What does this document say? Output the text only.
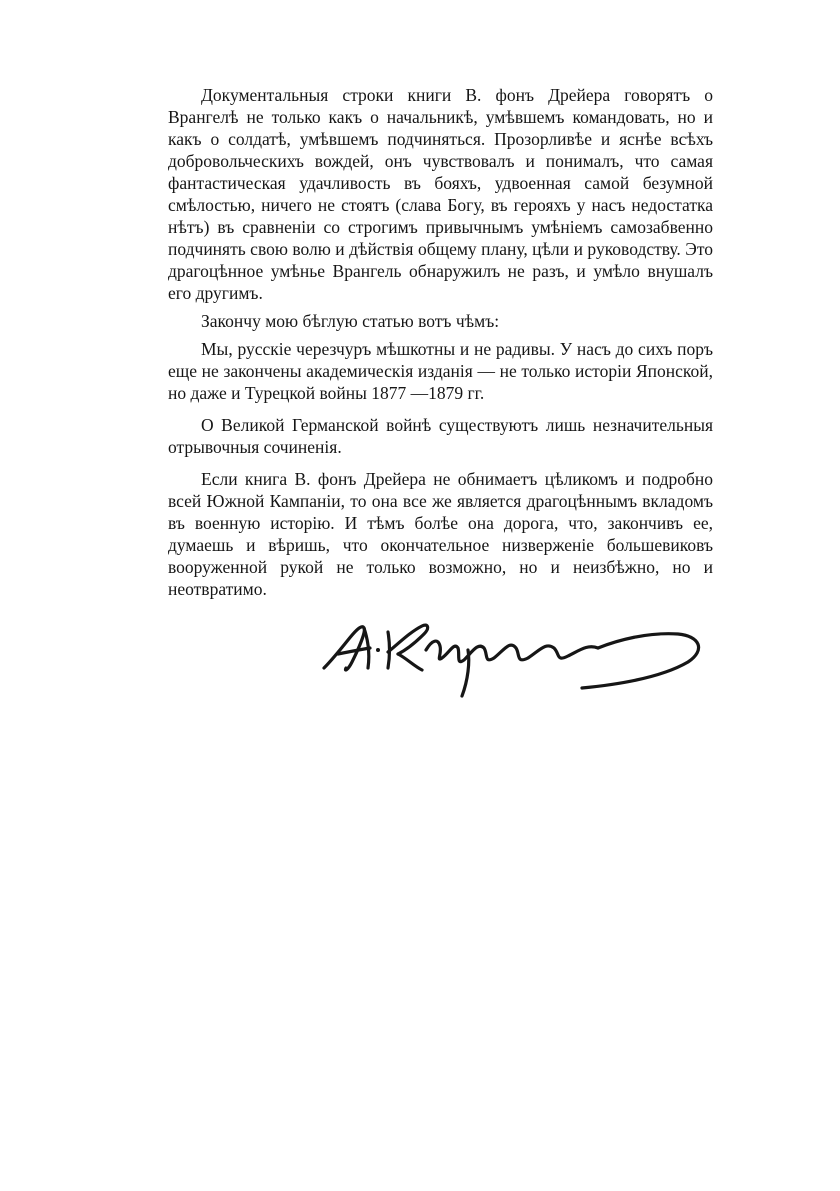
Документальныя строки книги В. фонъ Дрейера говорятъ о Врангелѣ не только какъ о начальникѣ, умѣвшемъ командовать, но и какъ о солдатѣ, умѣвшемъ подчиняться. Прозорливѣе и яснѣе всѣхъ добровольческихъ вождей, онъ чувствовалъ и понималъ, что самая фантастическая удачливость въ бояхъ, удвоенная самой безумной смѣлостью, ничего не стоятъ (слава Богу, въ герояхъ у насъ недостатка нѣтъ) въ сравненiи со строгимъ привычнымъ умѣнiемъ самозабвенно подчинять свою волю и дѣйствiя общему плану, цѣли и руководству. Это драгоцѣнное умѣнье Врангель обнаружилъ не разъ, и умѣло внушалъ его другимъ.

Закончу мою бѣглую статью вотъ чѣмъ:

Мы, русскiе черезчуръ мѣшкотны и не радивы. У насъ до сихъ поръ еще не закончены академическiя изданiя — не только исторiи Японской, но даже и Турецкой войны 1877 —1879 гг.

О Великой Германской войнѣ существуютъ лишь незначительныя отрывочныя сочиненiя.

Если книга В. фонъ Дрейера не обнимаетъ цѣликомъ и подробно всей Южной Кампанiи, то она все же является драгоцѣннымъ вкладомъ въ военную исторiю. И тѣмъ болѣе она дорога, что, закончивъ ее, думаешь и вѣришь, что окончательное низверженiе большевиковъ вооруженной рукой не только возможно, но и неизбѣжно, но и неотвратимо.
